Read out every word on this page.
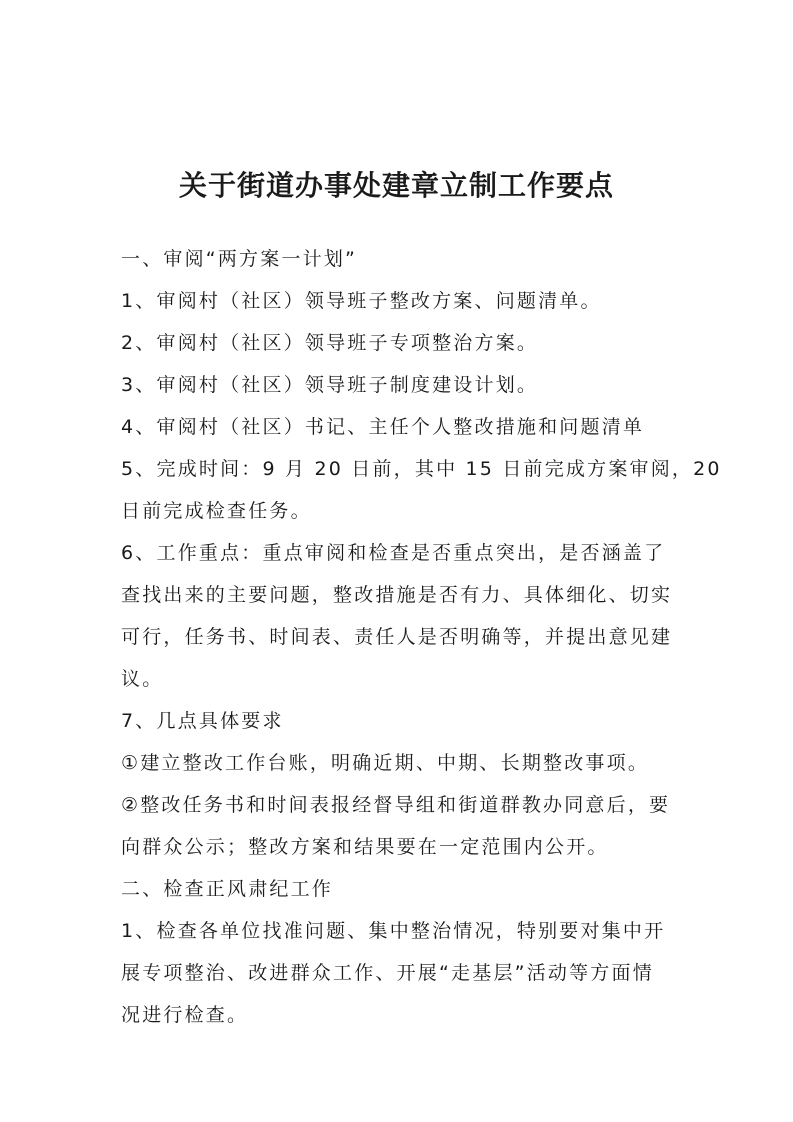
关于街道办事处建章立制工作要点
一、审阅“两方案一计划”
1、审阅村（社区）领导班子整改方案、问题清单。
2、审阅村（社区）领导班子专项整治方案。
3、审阅村（社区）领导班子制度建设计划。
4、审阅村（社区）书记、主任个人整改措施和问题清单
5、完成时间：9 月 20 日前，其中 15 日前完成方案审阅，20
日前完成检查任务。
6、工作重点：重点审阅和检查是否重点突出，是否涵盖了
查找出来的主要问题，整改措施是否有力、具体细化、切实
可行，任务书、时间表、责任人是否明确等，并提出意见建
议。
7、几点具体要求
①建立整改工作台账，明确近期、中期、长期整改事项。
②整改任务书和时间表报经督导组和街道群教办同意后，要
向群众公示；整改方案和结果要在一定范围内公开。
二、检查正风肃纪工作
1、检查各单位找准问题、集中整治情况，特别要对集中开
展专项整治、改进群众工作、开展“走基层”活动等方面情
况进行检查。
